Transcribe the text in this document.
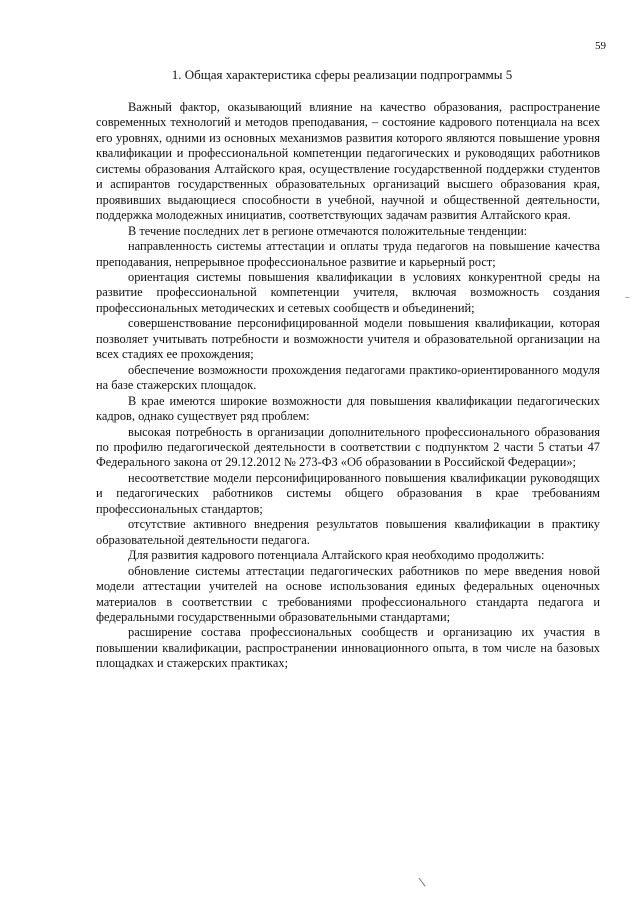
59
1. Общая характеристика сферы реализации подпрограммы 5

Важный фактор, оказывающий влияние на качество образования, распространение современных технологий и методов преподавания, – состояние кадрового потенциала на всех его уровнях, одними из основных механизмов развития которого являются повышение уровня квалификации и профессиональной компетенции педагогических и руководящих работников системы образования Алтайского края, осуществление государственной поддержки студентов и аспирантов государственных образовательных организаций высшего образования края, проявивших выдающиеся способности в учебной, научной и общественной деятельности, поддержка молодежных инициатив, соответствующих задачам развития Алтайского края.

В течение последних лет в регионе отмечаются положительные тенденции:

направленность системы аттестации и оплаты труда педагогов на повышение качества преподавания, непрерывное профессиональное развитие и карьерный рост;

ориентация системы повышения квалификации в условиях конкурентной среды на развитие профессиональной компетенции учителя, включая возможность создания профессиональных методических и сетевых сообществ и объединений;

совершенствование персонифицированной модели повышения квалификации, которая позволяет учитывать потребности и возможности учителя и образовательной организации на всех стадиях ее прохождения;

обеспечение возможности прохождения педагогами практико-ориентированного модуля на базе стажерских площадок.

В крае имеются широкие возможности для повышения квалификации педагогических кадров, однако существует ряд проблем:

высокая потребность в организации дополнительного профессионального образования по профилю педагогической деятельности в соответствии с подпунктом 2 части 5 статьи 47 Федерального закона от 29.12.2012 № 273-ФЗ «Об образовании в Российской Федерации»;

несоответствие модели персонифицированного повышения квалификации руководящих и педагогических работников системы общего образования в крае требованиям профессиональных стандартов;

отсутствие активного внедрения результатов повышения квалификации в практику образовательной деятельности педагога.

Для развития кадрового потенциала Алтайского края необходимо продолжить:

обновление системы аттестации педагогических работников по мере введения новой модели аттестации учителей на основе использования единых федеральных оценочных материалов в соответствии с требованиями профессионального стандарта педагога и федеральными государственными образовательными стандартами;

расширение состава профессиональных сообществ и организацию их участия в повышении квалификации, распространении инновационного опыта, в том числе на базовых площадках и стажерских практиках;

–
\
